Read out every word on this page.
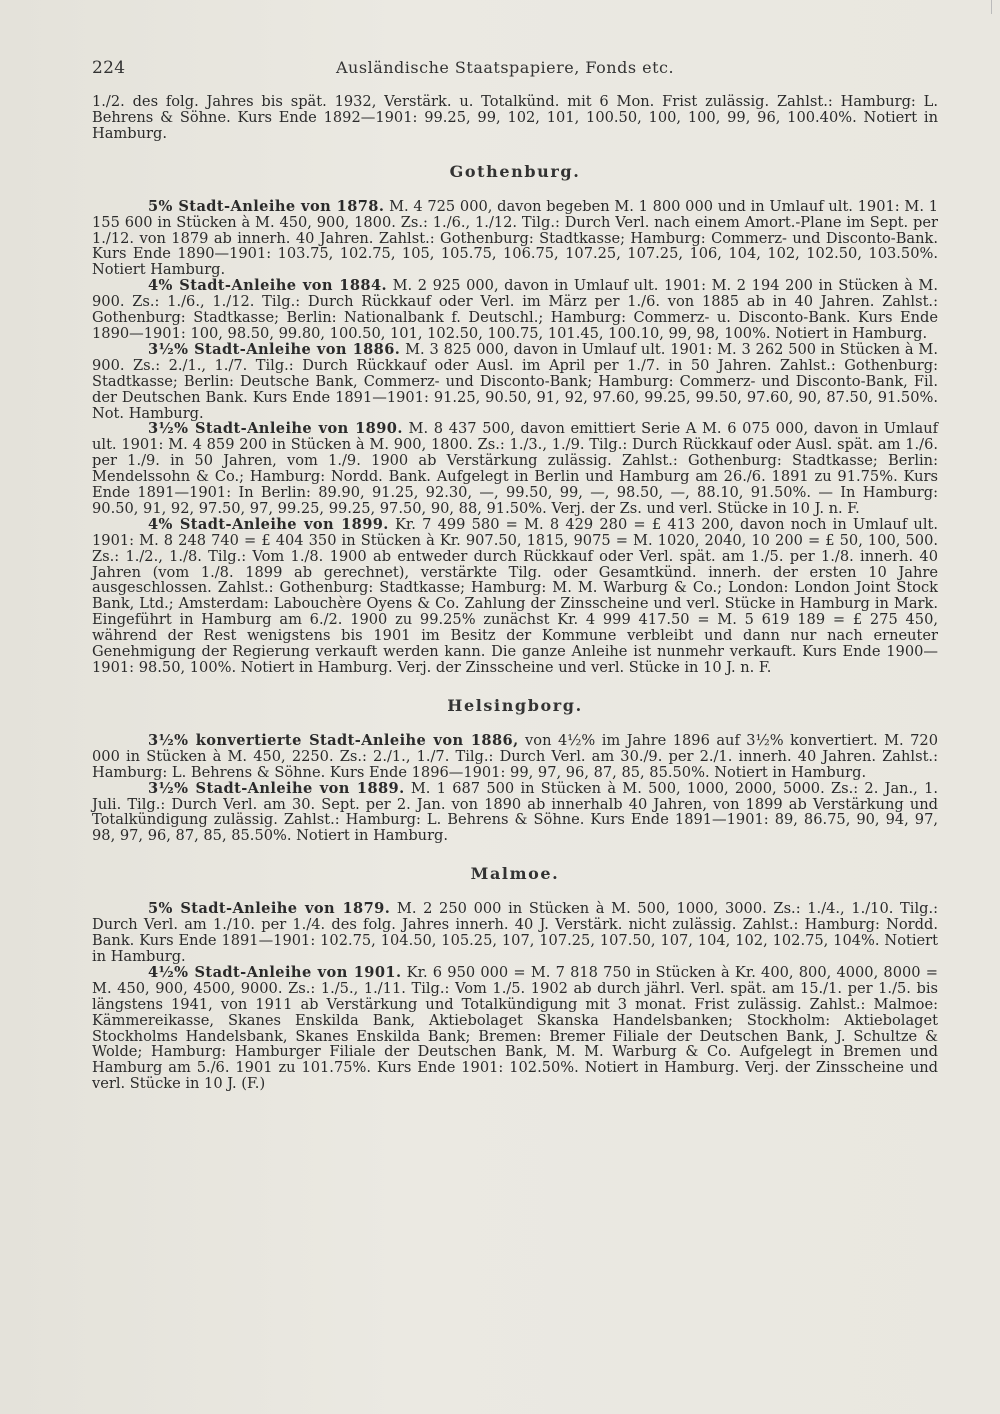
224	Ausländische Staatspapiere, Fonds etc.

1./2. des folg. Jahres bis spät. 1932, Verstärk. u. Totalkünd. mit 6 Mon. Frist zulässig. Zahlst.: Hamburg: L. Behrens & Söhne. Kurs Ende 1892—1901: 99.25, 99, 102, 101, 100.50, 100, 100, 99, 96, 100.40%. Notiert in Hamburg.

Gothenburg.

5% Stadt-Anleihe von 1878. M. 4 725 000, davon begeben M. 1 800 000 und in Umlauf ult. 1901: M. 1 155 600 in Stücken à M. 450, 900, 1800. Zs.: 1./6., 1./12. Tilg.: Durch Verl. nach einem Amort.-Plane im Sept. per 1./12. von 1879 ab innerh. 40 Jahren. Zahlst.: Gothenburg: Stadtkasse; Hamburg: Commerz- und Disconto-Bank. Kurs Ende 1890—1901: 103.75, 102.75, 105, 105.75, 106.75, 107.25, 107.25, 106, 104, 102, 102.50, 103.50%. Notiert Hamburg.

4% Stadt-Anleihe von 1884. M. 2 925 000, davon in Umlauf ult. 1901: M. 2 194 200 in Stücken à M. 900. Zs.: 1./6., 1./12. Tilg.: Durch Rückkauf oder Verl. im März per 1./6. von 1885 ab in 40 Jahren. Zahlst.: Gothenburg: Stadtkasse; Berlin: Nationalbank f. Deutschl.; Hamburg: Commerz- u. Disconto-Bank. Kurs Ende 1890—1901: 100, 98.50, 99.80, 100.50, 101, 102.50, 100.75, 101.45, 100.10, 99, 98, 100%. Notiert in Hamburg.

3½% Stadt-Anleihe von 1886. M. 3 825 000, davon in Umlauf ult. 1901: M. 3 262 500 in Stücken à M. 900. Zs.: 2./1., 1./7. Tilg.: Durch Rückkauf oder Ausl. im April per 1./7. in 50 Jahren. Zahlst.: Gothenburg: Stadtkasse; Berlin: Deutsche Bank, Commerz- und Disconto-Bank; Hamburg: Commerz- und Disconto-Bank, Fil. der Deutschen Bank. Kurs Ende 1891—1901: 91.25, 90.50, 91, 92, 97.60, 99.25, 99.50, 97.60, 90, 87.50, 91.50%. Not. Hamburg.

3½% Stadt-Anleihe von 1890. M. 8 437 500, davon emittiert Serie A M. 6 075 000, davon in Umlauf ult. 1901: M. 4 859 200 in Stücken à M. 900, 1800. Zs.: 1./3., 1./9. Tilg.: Durch Rückkauf oder Ausl. spät. am 1./6. per 1./9. in 50 Jahren, vom 1./9. 1900 ab Verstärkung zulässig. Zahlst.: Gothenburg: Stadtkasse; Berlin: Mendelssohn & Co.; Hamburg: Nordd. Bank. Aufgelegt in Berlin und Hamburg am 26./6. 1891 zu 91.75%. Kurs Ende 1891—1901: In Berlin: 89.90, 91.25, 92.30, —, 99.50, 99, —, 98.50, —, 88.10, 91.50%. — In Hamburg: 90.50, 91, 92, 97.50, 97, 99.25, 99.25, 97.50, 90, 88, 91.50%. Verj. der Zs. und verl. Stücke in 10 J. n. F.

4% Stadt-Anleihe von 1899. Kr. 7 499 580 = M. 8 429 280 = £ 413 200, davon noch in Umlauf ult. 1901: M. 8 248 740 = £ 404 350 in Stücken à Kr. 907.50, 1815, 9075 = M. 1020, 2040, 10 200 = £ 50, 100, 500. Zs.: 1./2., 1./8. Tilg.: Vom 1./8. 1900 ab entweder durch Rückkauf oder Verl. spät. am 1./5. per 1./8. innerh. 40 Jahren (vom 1./8. 1899 ab gerechnet), verstärkte Tilg. oder Gesamtkünd. innerh. der ersten 10 Jahre ausgeschlossen. Zahlst.: Gothenburg: Stadtkasse; Hamburg: M. M. Warburg & Co.; London: London Joint Stock Bank, Ltd.; Amsterdam: Labouchère Oyens & Co. Zahlung der Zinsscheine und verl. Stücke in Hamburg in Mark. Eingeführt in Hamburg am 6./2. 1900 zu 99.25% zunächst Kr. 4 999 417.50 = M. 5 619 189 = £ 275 450, während der Rest wenigstens bis 1901 im Besitz der Kommune verbleibt und dann nur nach erneuter Genehmigung der Regierung verkauft werden kann. Die ganze Anleihe ist nunmehr verkauft. Kurs Ende 1900—1901: 98.50, 100%. Notiert in Hamburg. Verj. der Zinsscheine und verl. Stücke in 10 J. n. F.

Helsingborg.

3½% konvertierte Stadt-Anleihe von 1886, von 4½% im Jahre 1896 auf 3½% konvertiert. M. 720 000 in Stücken à M. 450, 2250. Zs.: 2./1., 1./7. Tilg.: Durch Verl. am 30./9. per 2./1. innerh. 40 Jahren. Zahlst.: Hamburg: L. Behrens & Söhne. Kurs Ende 1896—1901: 99, 97, 96, 87, 85, 85.50%. Notiert in Hamburg.

3½% Stadt-Anleihe von 1889. M. 1 687 500 in Stücken à M. 500, 1000, 2000, 5000. Zs.: 2. Jan., 1. Juli. Tilg.: Durch Verl. am 30. Sept. per 2. Jan. von 1890 ab innerhalb 40 Jahren, von 1899 ab Verstärkung und Totalkündigung zulässig. Zahlst.: Hamburg: L. Behrens & Söhne. Kurs Ende 1891—1901: 89, 86.75, 90, 94, 97, 98, 97, 96, 87, 85, 85.50%. Notiert in Hamburg.

Malmoe.

5% Stadt-Anleihe von 1879. M. 2 250 000 in Stücken à M. 500, 1000, 3000. Zs.: 1./4., 1./10. Tilg.: Durch Verl. am 1./10. per 1./4. des folg. Jahres innerh. 40 J. Verstärk. nicht zulässig. Zahlst.: Hamburg: Nordd. Bank. Kurs Ende 1891—1901: 102.75, 104.50, 105.25, 107, 107.25, 107.50, 107, 104, 102, 102.75, 104%. Notiert in Hamburg.

4½% Stadt-Anleihe von 1901. Kr. 6 950 000 = M. 7 818 750 in Stücken à Kr. 400, 800, 4000, 8000 = M. 450, 900, 4500, 9000. Zs.: 1./5., 1./11. Tilg.: Vom 1./5. 1902 ab durch jährl. Verl. spät. am 15./1. per 1./5. bis längstens 1941, von 1911 ab Verstärkung und Totalkündigung mit 3 monat. Frist zulässig. Zahlst.: Malmoe: Kämmereikasse, Skanes Enskilda Bank, Aktiebolaget Skanska Handelsbanken; Stockholm: Aktiebolaget Stockholms Handelsbank, Skanes Enskilda Bank; Bremen: Bremer Filiale der Deutschen Bank, J. Schultze & Wolde; Hamburg: Hamburger Filiale der Deutschen Bank, M. M. Warburg & Co. Aufgelegt in Bremen und Hamburg am 5./6. 1901 zu 101.75%. Kurs Ende 1901: 102.50%. Notiert in Hamburg. Verj. der Zinsscheine und verl. Stücke in 10 J. (F.)
